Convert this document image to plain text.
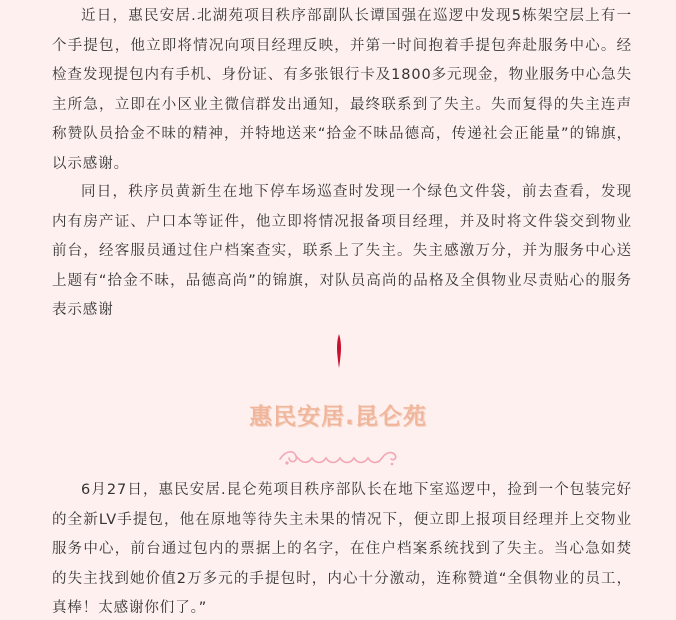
近日，惠民安居.北湖苑项目秩序部副队长谭国强在巡逻中发现5栋架空层上有一个手提包，他立即将情况向项目经理反映，并第一时间抱着手提包奔赴服务中心。经检查发现提包内有手机、身份证、有多张银行卡及1800多元现金，物业服务中心急失主所急，立即在小区业主微信群发出通知，最终联系到了失主。失而复得的失主连声称赞队员拾金不昧的精神，并特地送来“拾金不昧品德高，传递社会正能量”的锦旗，以示感谢。

同日，秩序员黄新生在地下停车场巡查时发现一个绿色文件袋，前去查看，发现内有房产证、户口本等证件，他立即将情况报备项目经理，并及时将文件袋交到物业前台，经客服员通过住户档案查实，联系上了失主。失主感激万分，并为服务中心送上题有“拾金不昧，品德高尚”的锦旗，对队员高尚的品格及全俱物业尽责贴心的服务表示感谢

惠民安居.昆仑苑

6月27日，惠民安居.昆仑苑项目秩序部队长在地下室巡逻中，捡到一个包装完好的全新LV手提包，他在原地等待失主未果的情况下，便立即上报项目经理并上交物业服务中心，前台通过包内的票据上的名字，在住户档案系统找到了失主。当心急如焚的失主找到她价值2万多元的手提包时，内心十分激动，连称赞道“全俱物业的员工，真棒！太感谢你们了。”
